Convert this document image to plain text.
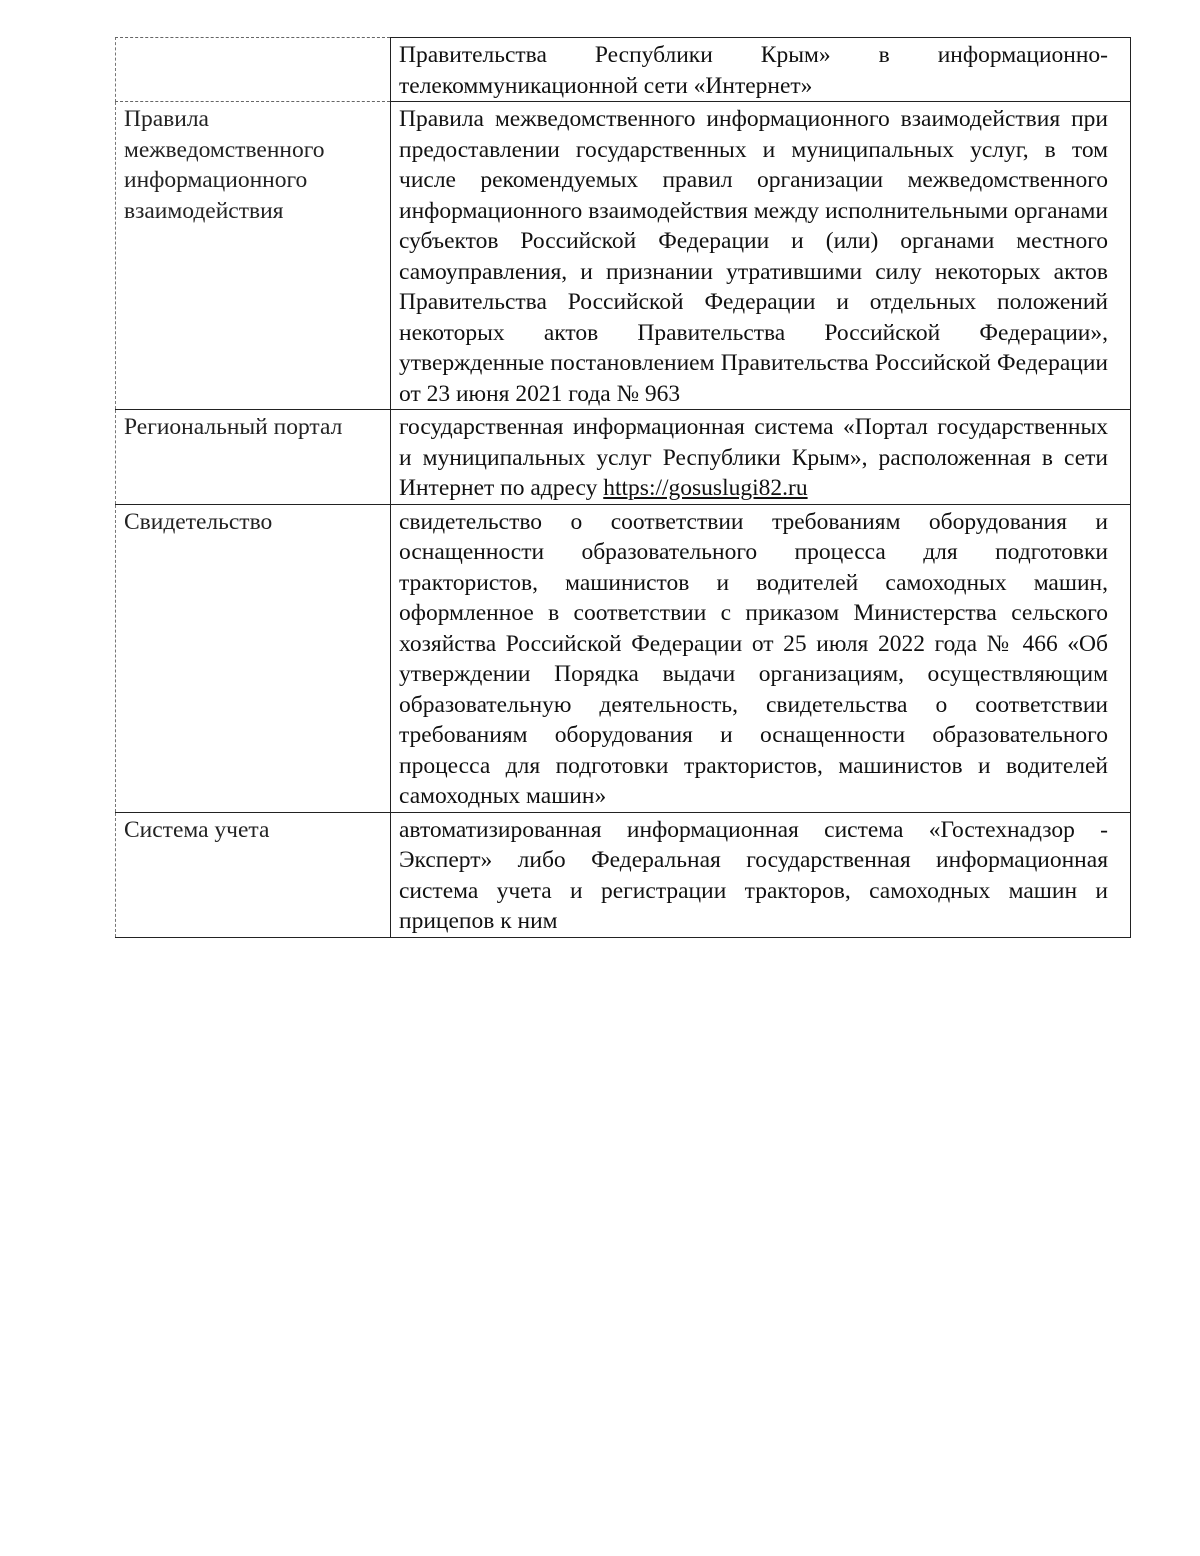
	Правительства Республики Крым» в информационно-телекоммуникационной сети «Интернет»
Правила межведомственного информационного взаимодействия	Правила межведомственного информационного взаимодействия при предоставлении государственных и муниципальных услуг, в том числе рекомендуемых правил организации межведомственного информационного взаимодействия между исполнительными органами субъектов Российской Федерации и (или) органами местного самоуправления, и признании утратившими силу некоторых актов Правительства Российской Федерации и отдельных положений некоторых актов Правительства Российской Федерации», утвержденные постановлением Правительства Российской Федерации от 23 июня 2021 года № 963
Региональный портал	государственная информационная система «Портал государственных и муниципальных услуг Республики Крым», расположенная в сети Интернет по адресу https://gosuslugi82.ru
Свидетельство	свидетельство о соответствии требованиям оборудования и оснащенности образовательного процесса для подготовки трактористов, машинистов и водителей самоходных машин, оформленное в соответствии с приказом Министерства сельского хозяйства Российской Федерации от 25 июля 2022 года № 466 «Об утверждении Порядка выдачи организациям, осуществляющим образовательную деятельность, свидетельства о соответствии требованиям оборудования и оснащенности образовательного процесса для подготовки трактористов, машинистов и водителей самоходных машин»
Система учета	автоматизированная информационная система «Гостехнадзор - Эксперт» либо Федеральная государственная информационная система учета и регистрации тракторов, самоходных машин и прицепов к ним
